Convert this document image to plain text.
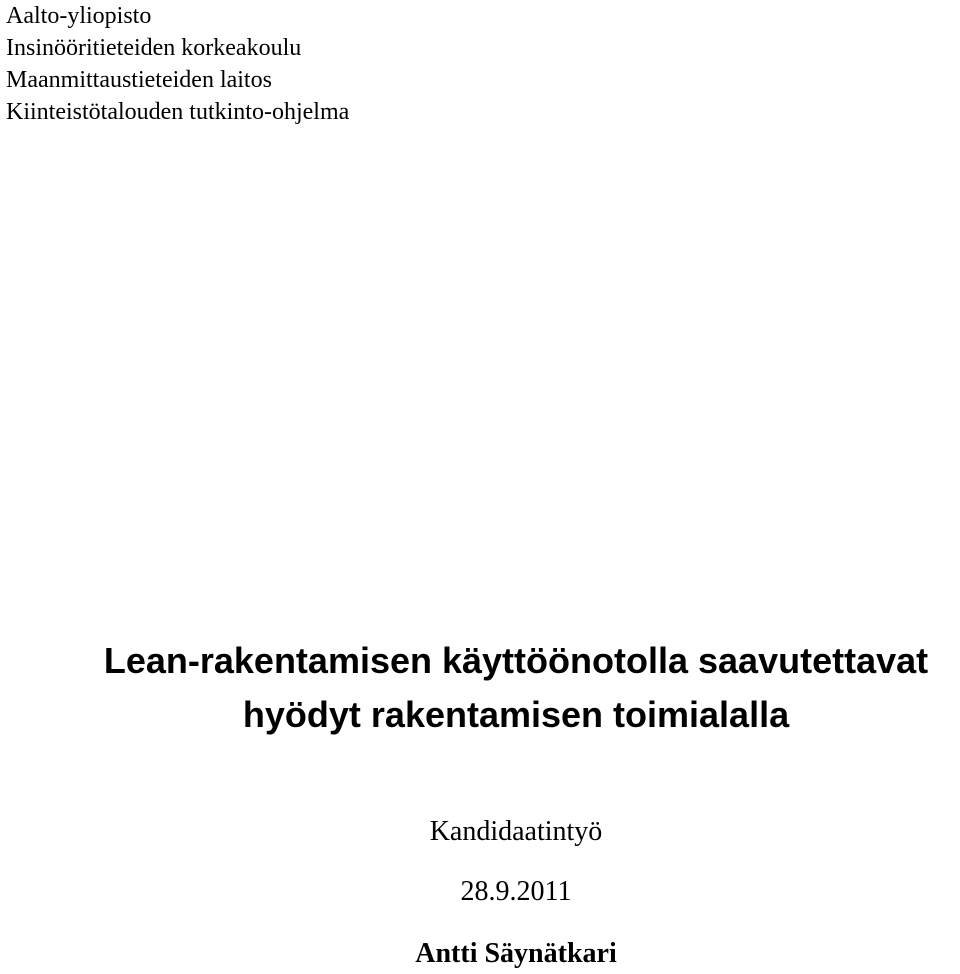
Aalto-yliopisto
Insinööritieteiden korkeakoulu
Maanmittaustieteiden laitos
Kiinteistötalouden tutkinto-ohjelma
Lean-rakentamisen käyttöönotolla saavutettavat
hyödyt rakentamisen toimialalla
Kandidaatintyö
28.9.2011
Antti Säynätkari
